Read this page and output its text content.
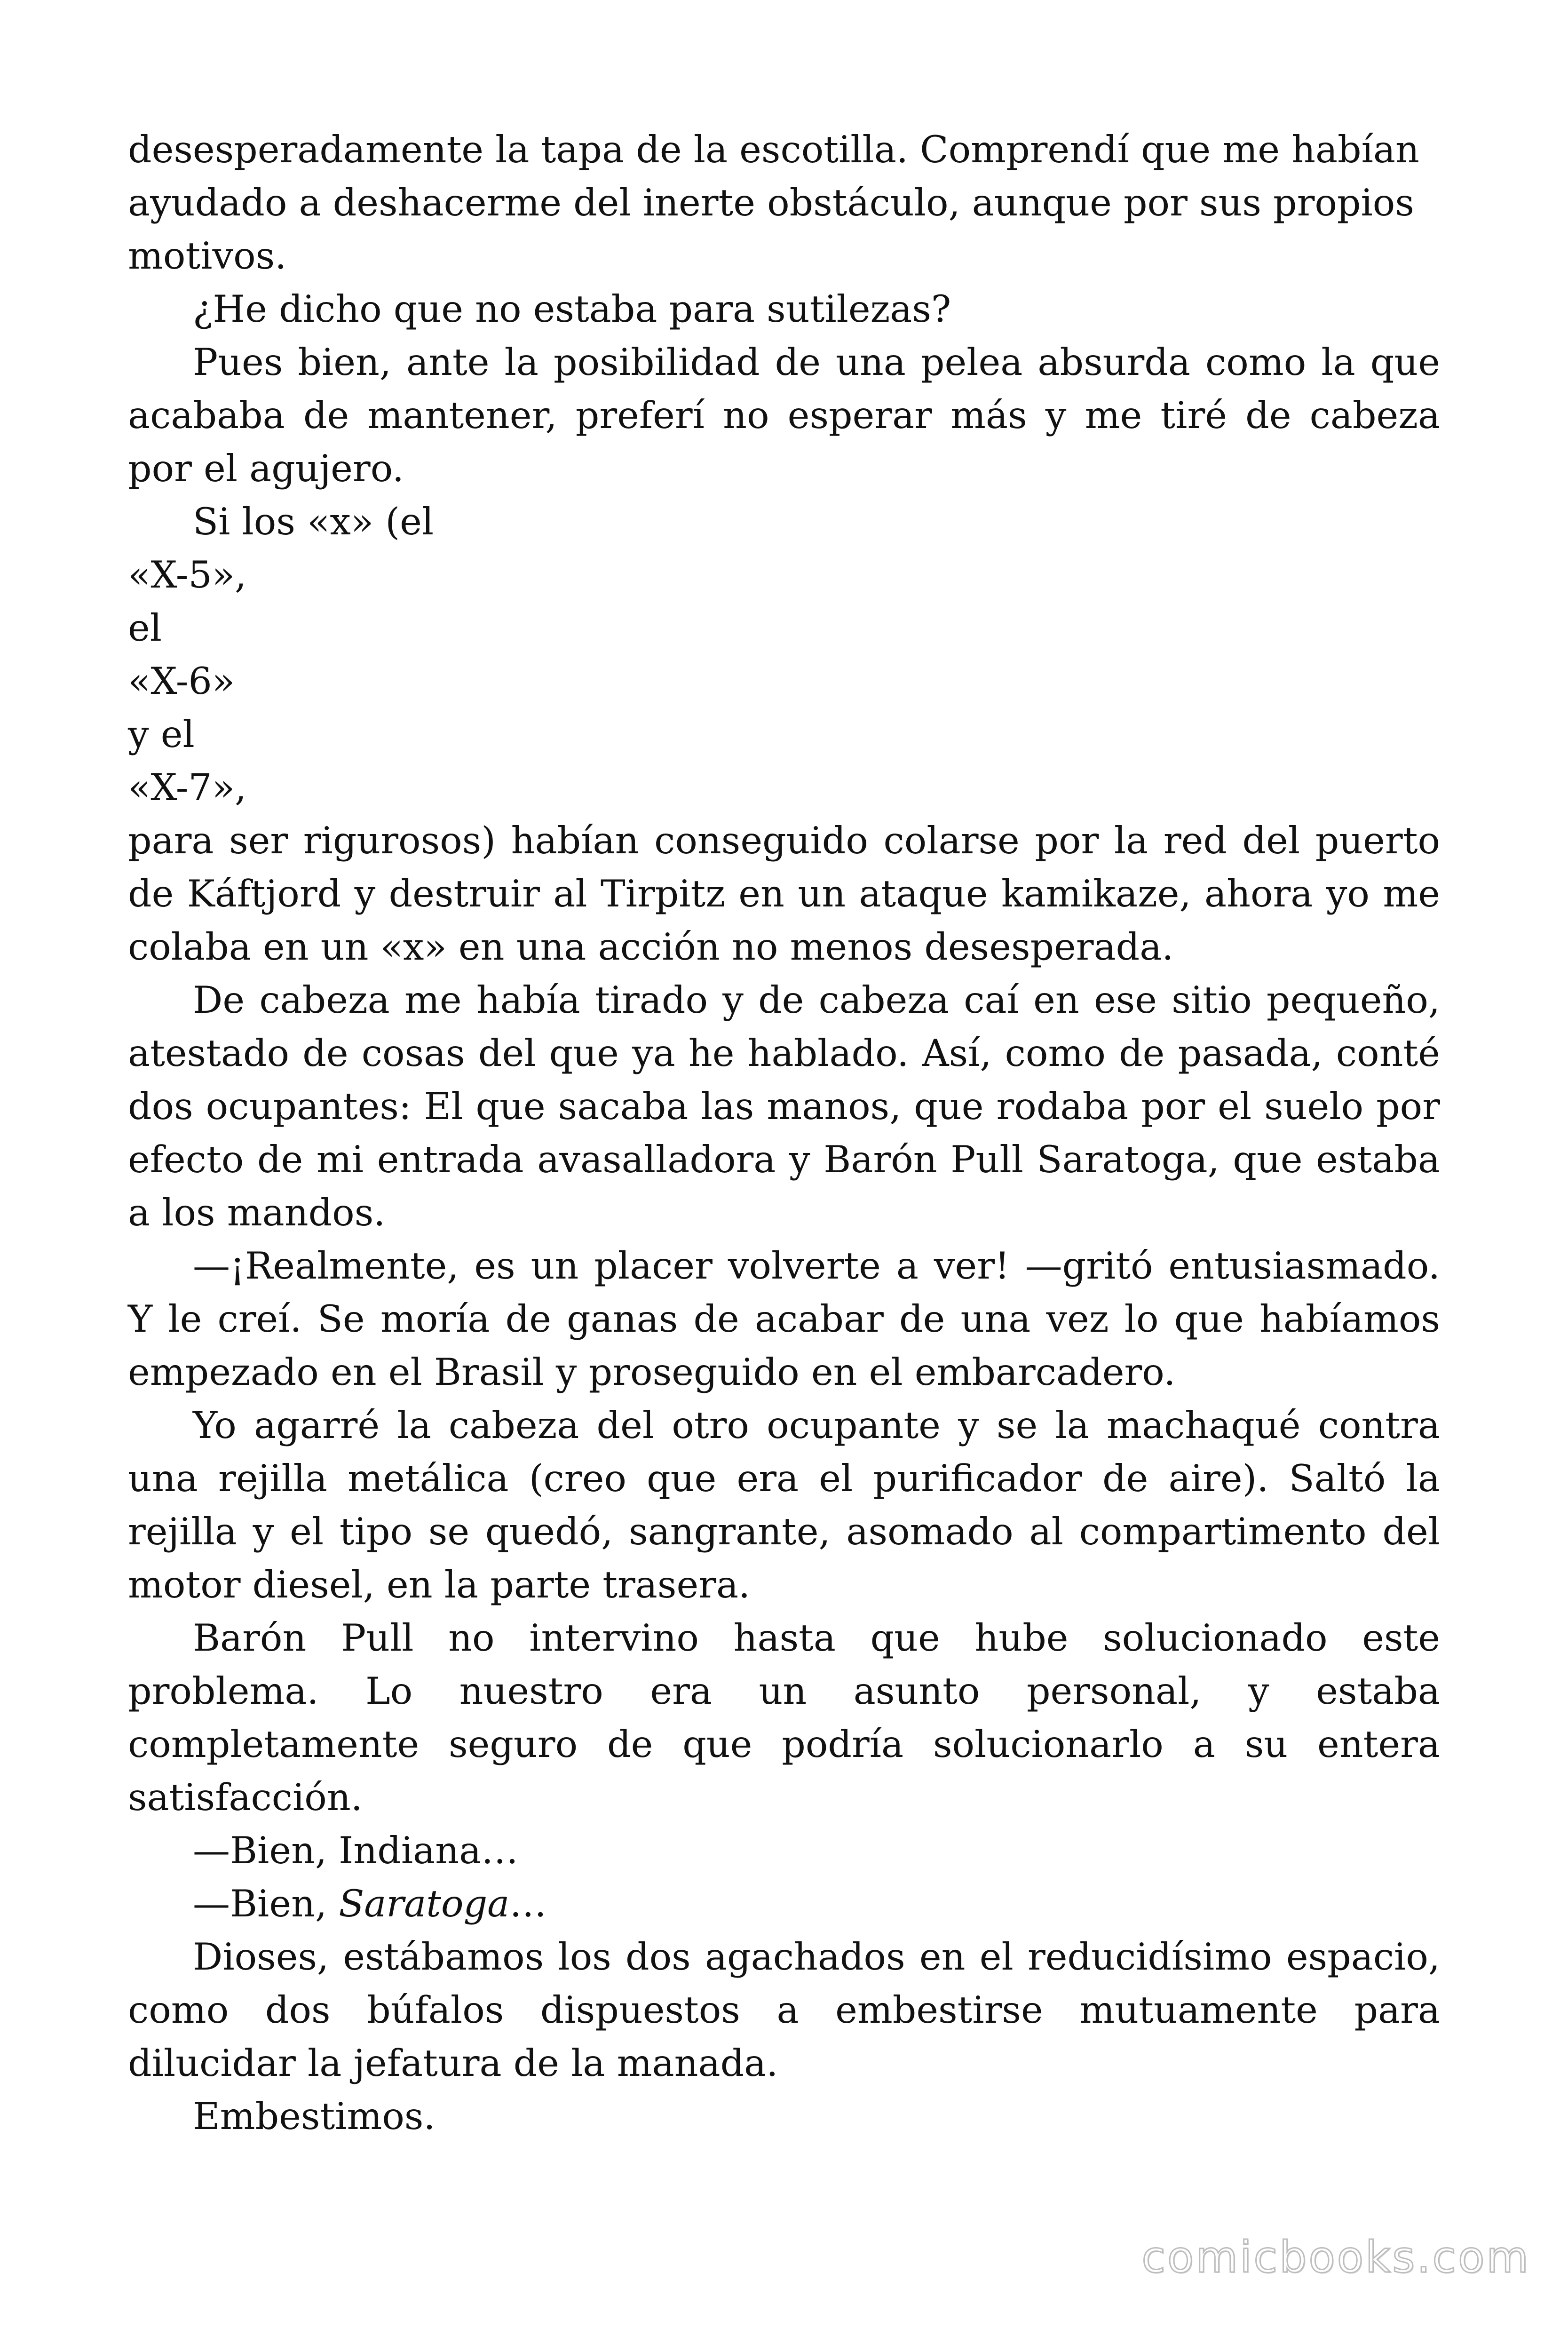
desesperadamente la tapa de la escotilla. Comprendí que me habían ayudado a deshacerme del inerte obstáculo, aunque por sus propios motivos.

¿He dicho que no estaba para sutilezas?

Pues bien, ante la posibilidad de una pelea absurda como la que acababa de mantener, preferí no esperar más y me tiré de cabeza por el agujero.

Si los «x» (el

«X-5»,

el

«X-6»

y el

«X-7»,

para ser rigurosos) habían conseguido colarse por la red del puerto de Káftjord y destruir al Tirpitz en un ataque kamikaze, ahora yo me colaba en un «x» en una acción no menos desesperada.

De cabeza me había tirado y de cabeza caí en ese sitio pequeño, atestado de cosas del que ya he hablado. Así, como de pasada, conté dos ocupantes: El que sacaba las manos, que rodaba por el suelo por efecto de mi entrada avasalladora y Barón Pull Saratoga, que estaba a los mandos.

—¡Realmente, es un placer volverte a ver! —gritó entusiasmado. Y le creí. Se moría de ganas de acabar de una vez lo que habíamos empezado en el Brasil y proseguido en el embarcadero.

Yo agarré la cabeza del otro ocupante y se la machaqué contra una rejilla metálica (creo que era el purificador de aire). Saltó la rejilla y el tipo se quedó, sangrante, asomado al compartimento del motor diesel, en la parte trasera.

Barón Pull no intervino hasta que hube solucionado este problema. Lo nuestro era un asunto personal, y estaba completamente seguro de que podría solucionarlo a su entera satisfacción.

—Bien, Indiana…

—Bien, Saratoga…

Dioses, estábamos los dos agachados en el reducidísimo espacio, como dos búfalos dispuestos a embestirse mutuamente para dilucidar la jefatura de la manada.

Embestimos.

comicbooks.com
